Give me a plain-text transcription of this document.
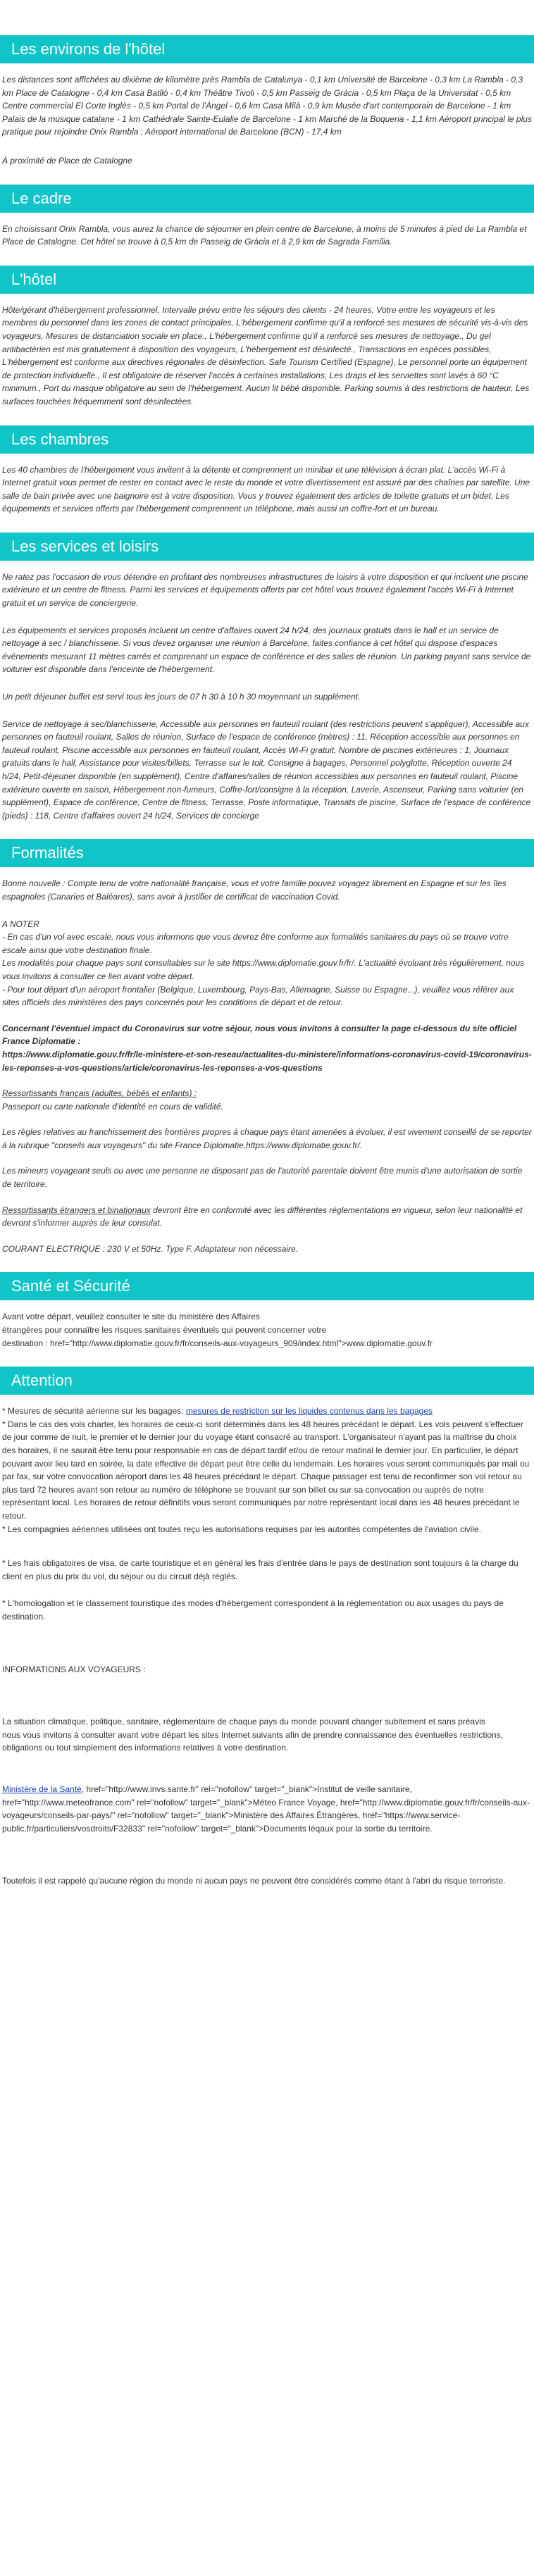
Les environs de l'hôtel

Les distances sont affichées au dixième de kilomètre près Rambla de Catalunya - 0,1 km Université de Barcelone - 0,3 km La Rambla - 0,3 km Place de Catalogne - 0,4 km Casa Batlló - 0,4 km Théâtre Tivoli - 0,5 km Passeig de Gràcia - 0,5 km Plaça de la Universitat - 0,5 km Centre commercial El Corte Inglés - 0,5 km Portal de l'Àngel - 0,6 km Casa Milà - 0,9 km Musée d'art contemporain de Barcelone - 1 km Palais de la musique catalane - 1 km Cathédrale Sainte-Eulalie de Barcelone - 1 km Marché de la Boqueria - 1,1 km Aéroport principal le plus pratique pour rejoindre Onix Rambla : Aéroport international de Barcelone (BCN) - 17,4 km

À proximité de Place de Catalogne

Le cadre

En choisissant Onix Rambla, vous aurez la chance de séjourner en plein centre de Barcelone, à moins de 5 minutes à pied de La Rambla et Place de Catalogne. Cet hôtel se trouve à 0,5 km de Passeig de Gràcia et à 2,9 km de Sagrada Família.

L'hôtel

Hôte/gérant d'hébergement professionnel, Intervalle prévu entre les séjours des clients - 24 heures, Votre entre les voyageurs et les membres du personnel dans les zones de contact principales, L'hébergement confirme qu'il a renforcé ses mesures de sécurité vis-à-vis des voyageurs, Mesures de distanciation sociale en place., L'hébergement confirme qu'il a renforcé ses mesures de nettoyage., Du gel antibactérien est mis gratuitement à disposition des voyageurs, L'hébergement est désinfecté., Transactions en espèces possibles, L'hébergement est conforme aux directives régionales de désinfection. Safe Tourism Certified (Espagne), Le personnel porte un équipement de protection individuelle., Il est obligatoire de réserver l'accès à certaines installations, Les draps et les serviettes sont lavés à 60 °C minimum., Port du masque obligatoire au sein de l'hébergement. Aucun lit bébé disponible. Parking soumis à des restrictions de hauteur, Les surfaces touchées fréquemment sont désinfectées.

Les chambres

Les 40 chambres de l'hébergement vous invitent à la détente et comprennent un minibar et une télévision à écran plat. L'accès Wi-Fi à Internet gratuit vous permet de rester en contact avec le reste du monde et votre divertissement est assuré par des chaînes par satellite. Une salle de bain privée avec une baignoire est à votre disposition. Vous y trouvez également des articles de toilette gratuits et un bidet. Les équipements et services offerts par l'hébergement comprennent un téléphone, mais aussi un coffre-fort et un bureau.

Les services et loisirs

Ne ratez pas l'occasion de vous détendre en profitant des nombreuses infrastructures de loisirs à votre disposition et qui incluent une piscine extérieure et un centre de fitness. Parmi les services et équipements offerts par cet hôtel vous trouvez également l'accès Wi-Fi à Internet gratuit et un service de conciergerie.

Les équipements et services proposés incluent un centre d'affaires ouvert 24 h/24, des journaux gratuits dans le hall et un service de nettoyage à sec / blanchisserie. Si vous devez organiser une réunion à Barcelone, faites confiance à cet hôtel qui dispose d'espaces événements mesurant 11 mètres carrés et comprenant un espace de conférence et des salles de réunion. Un parking payant sans service de voiturier est disponible dans l'enceinte de l'hébergement.

Un petit déjeuner buffet est servi tous les jours de 07 h 30 à 10 h 30 moyennant un supplément.

Service de nettoyage à sec/blanchisserie, Accessible aux personnes en fauteuil roulant (des restrictions peuvent s'appliquer), Accessible aux personnes en fauteuil roulant, Salles de réunion, Surface de l'espace de conférence (mètres) : 11, Réception accessible aux personnes en fauteuil roulant, Piscine accessible aux personnes en fauteuil roulant, Accès Wi-Fi gratuit, Nombre de piscines extérieures : 1, Journaux gratuits dans le hall, Assistance pour visites/billets, Terrasse sur le toit, Consigne à bagages, Personnel polyglotte, Réception ouverte 24 h/24, Petit-déjeuner disponible (en supplément), Centre d'affaires/salles de réunion accessibles aux personnes en fauteuil roulant, Piscine extérieure ouverte en saison, Hébergement non-fumeurs, Coffre-fort/consigne à la réception, Laverie, Ascenseur, Parking sans voiturier (en supplément), Espace de conférence, Centre de fitness, Terrasse, Poste informatique, Transats de piscine, Surface de l'espace de conférence (pieds) : 118, Centre d'affaires ouvert 24 h/24, Services de concierge

Formalités

Bonne nouvelle : Compte tenu de votre nationalité française, vous et votre famille pouvez voyagez librement en Espagne et sur les îles espagnoles (Canaries et Baléares), sans avoir à justifier de certificat de vaccination Covid.

A NOTER
- En cas d'un vol avec escale, nous vous informons que vous devrez être conforme aux formalités sanitaires du pays où se trouve votre escale ainsi que votre destination finale.
Les modalités pour chaque pays sont consultables sur le site https://www.diplomatie.gouv.fr/fr/. L'actualité évoluant très régulièrement, nous vous invitons à consulter ce lien avant votre départ.
- Pour tout départ d'un aéroport frontalier (Belgique, Luxembourg, Pays-Bas, Allemagne, Suisse ou Espagne...), veuillez vous référer aux sites officiels des ministères des pays concernés pour les conditions de départ et de retour.
Concernant l'éventuel impact du Coronavirus sur votre séjour, nous vous invitons à consulter la page ci-dessous du site officiel France Diplomatie :
https://www.diplomatie.gouv.fr/fr/le-ministere-et-son-reseau/actualites-du-ministere/informations-coronavirus-covid-19/coronavirus-les-reponses-a-vos-questions/article/coronavirus-les-reponses-a-vos-questions
Ressortissants français (adultes, bébés et enfants) :
Passeport ou carte nationale d'identité en cours de validité.

Les règles relatives au franchissement des frontières propres à chaque pays étant amenées à évoluer, il est vivement conseillé de se reporter à la rubrique "conseils aux voyageurs" du site France Diplomatie,https://www.diplomatie.gouv.fr/.

Les mineurs voyageant seuls ou avec une personne ne disposant pas de l'autorité parentale doivent être munis d'une autorisation de sortie de territoire.

Ressortissants étrangers et binationaux devront être en conformité avec les différentes réglementations en vigueur, selon leur nationalité et devront s'informer auprès de leur consulat.

COURANT ELECTRIQUE : 230 V et 50Hz. Type F. Adaptateur non nécessaire.

Santé et Sécurité
Avant votre départ, veuillez consulter le site du ministère des Affaires
étrangères pour connaître les risques sanitaires éventuels qui peuvent concerner votre
destination : href="http://www.diplomatie.gouv.fr/fr/conseils-aux-voyageurs_909/index.html">www.diplomatie.gouv.fr
Attention
* Mesures de sécurité aérienne sur les bagages: mesures de restriction sur les liquides contenus dans les bagages
* Dans le cas des vols charter, les horaires de ceux-ci sont déterminés dans les 48 heures précédant le départ. Les vols peuvent s'effectuer de jour comme de nuit, le premier et le dernier jour du voyage étant consacré au transport. L'organisateur n'ayant pas la maîtrise du choix des horaires, il ne saurait être tenu pour responsable en cas de départ tardif et/ou de retour matinal le dernier jour. En particulier, le départ pouvant avoir lieu tard en soirée, la date effective de départ peut être celle du lendemain. Les horaires vous seront communiqués par mail ou par fax, sur votre convocation aéroport dans les 48 heures précédant le départ. Chaque passager est tenu de reconfirmer son vol retour au plus tard 72 heures avant son retour au numéro de téléphone se trouvant sur son billet ou sur sa convocation ou auprès de notre représentant local. Les horaires de retour définitifs vous seront communiqués par notre représentant local dans les 48 heures précédant le retour.
* Les compagnies aériennes utilisées ont toutes reçu les autorisations requises par les autorités compétentes de l'aviation civile.
* Les frais obligatoires de visa, de carte touristique et en général les frais d'entrée dans le pays de destination sont toujours à la charge du client en plus du prix du vol, du séjour ou du circuit déjà réglés.
* L'homologation et le classement touristique des modes d'hébergement correspondent à la réglementation ou aux usages du pays de destination.
INFORMATIONS AUX VOYAGEURS :
La situation climatique, politique, sanitaire, réglementaire de chaque pays du monde pouvant changer subitement et sans préavis
nous vous invitons à consulter avant votre départ les sites Internet suivants afin de prendre connaissance des éventuelles restrictions, obligations ou tout simplement des informations relatives à votre destination.
Ministère de la Santé, href="http://www.invs.sante.fr" rel="nofollow" target="_blank">Institut de veille sanitaire, href="http://www.meteofrance.com" rel="nofollow" target="_blank">Méteo France Voyage, href="http://www.diplomatie.gouv.fr/fr/conseils-aux-voyageurs/conseils-par-pays/" rel="nofollow" target="_blank">Ministère des Affaires Étrangères, href="https://www.service-public.fr/particuliers/vosdroits/F32833" rel="nofollow" target="_blank">Documents léqaux pour la sortie du territoire.
Toutefois il est rappelé qu'aucune région du monde ni aucun pays ne peuvent être considérés comme étant à l'abri du risque terroriste.
